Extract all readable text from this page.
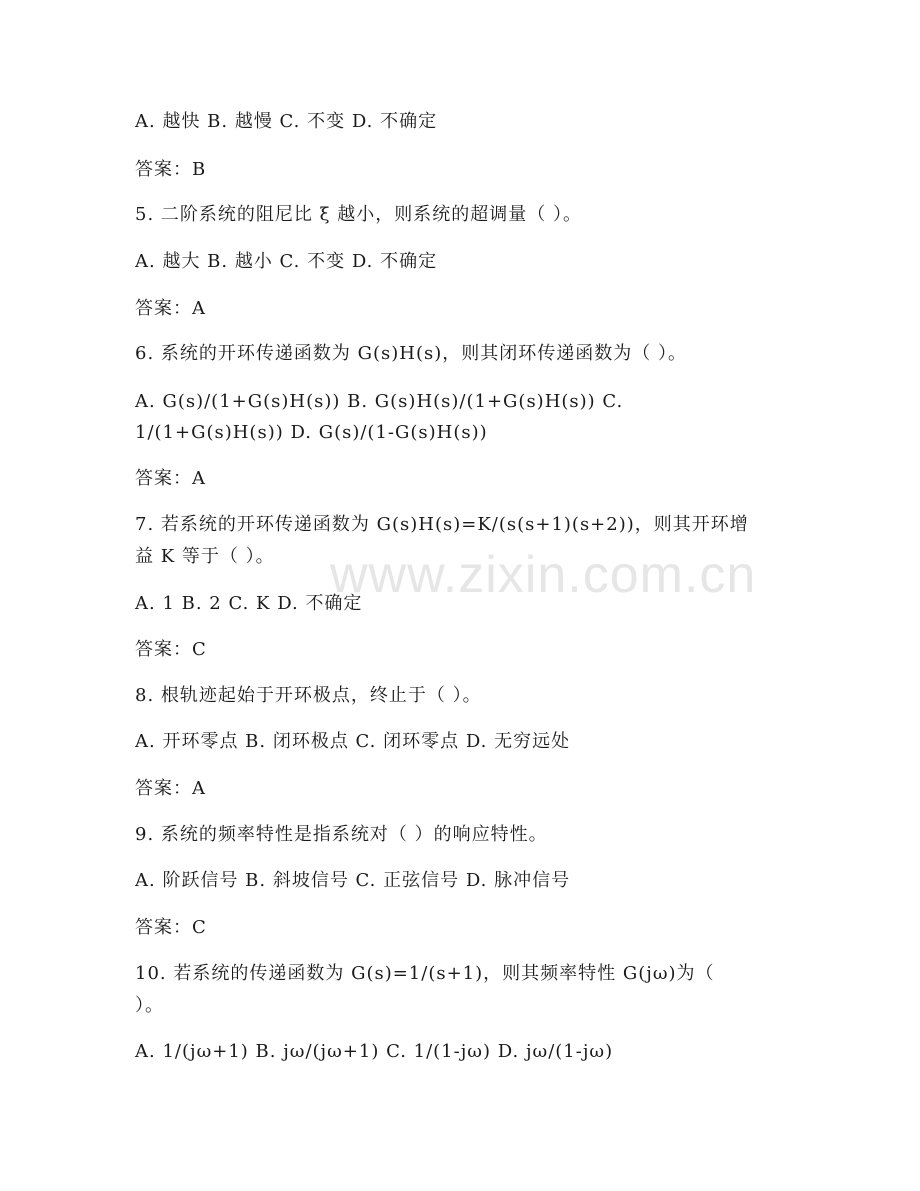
www.zixin.com.cn
A. 越快 B. 越慢 C. 不变 D. 不确定
答案：B
5. 二阶系统的阻尼比 ξ 越小，则系统的超调量（ ）。
A. 越大 B. 越小 C. 不变 D. 不确定
答案：A
6. 系统的开环传递函数为 G(s)H(s)，则其闭环传递函数为（ ）。
A. G(s)/(1+G(s)H(s)) B. G(s)H(s)/(1+G(s)H(s)) C.
1/(1+G(s)H(s)) D. G(s)/(1-G(s)H(s))
答案：A
7. 若系统的开环传递函数为 G(s)H(s)=K/(s(s+1)(s+2))，则其开环增
益 K 等于（ ）。
A. 1 B. 2 C. K D. 不确定
答案：C
8. 根轨迹起始于开环极点，终止于（ ）。
A. 开环零点 B. 闭环极点 C. 闭环零点 D. 无穷远处
答案：A
9. 系统的频率特性是指系统对（ ）的响应特性。
A. 阶跃信号 B. 斜坡信号 C. 正弦信号 D. 脉冲信号
答案：C
10. 若系统的传递函数为 G(s)=1/(s+1)，则其频率特性 G(jω)为（
）。
A. 1/(jω+1) B. jω/(jω+1) C. 1/(1-jω) D. jω/(1-jω)
